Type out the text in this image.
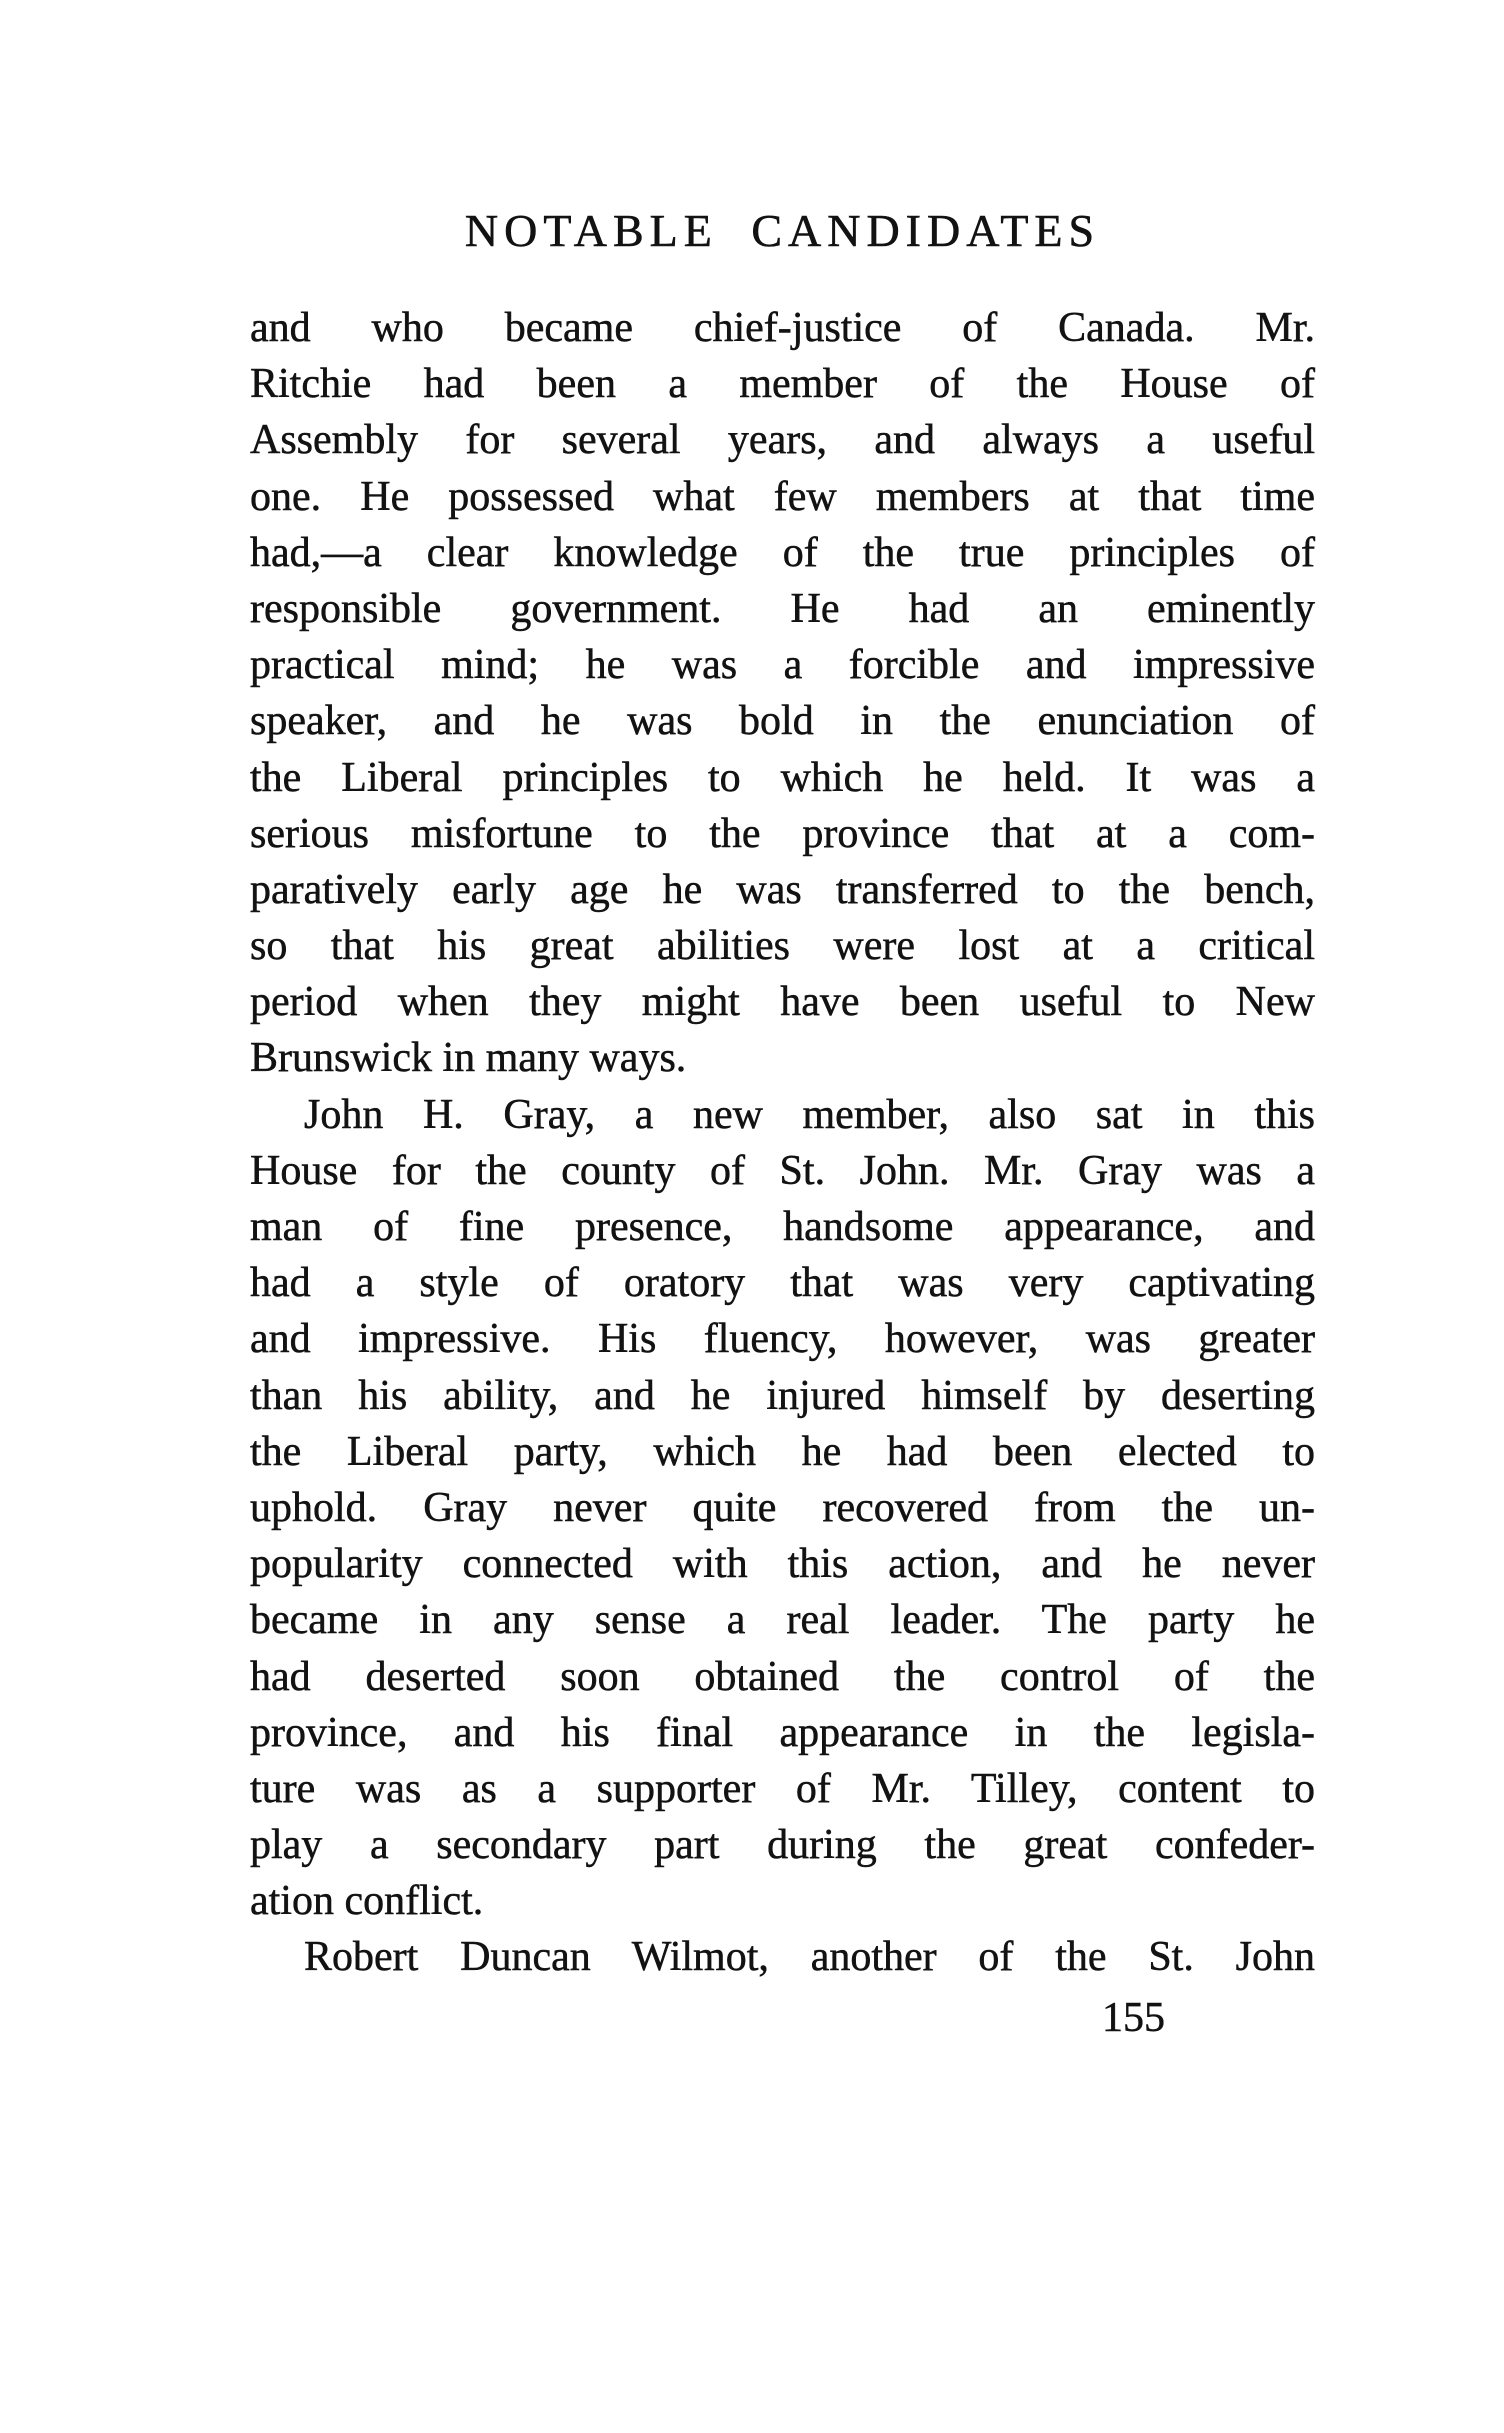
NOTABLE CANDIDATES
and who became chief-justice of Canada. Mr.
Ritchie had been a member of the House of
Assembly for several years, and always a useful
one. He possessed what few members at that time
had,—a clear knowledge of the true principles of
responsible government. He had an eminently
practical mind; he was a forcible and impressive
speaker, and he was bold in the enunciation of
the Liberal principles to which he held. It was a
serious misfortune to the province that at a com-
paratively early age he was transferred to the bench,
so that his great abilities were lost at a critical
period when they might have been useful to New
Brunswick in many ways.
John H. Gray, a new member, also sat in this
House for the county of St. John. Mr. Gray was a
man of fine presence, handsome appearance, and
had a style of oratory that was very captivating
and impressive. His fluency, however, was greater
than his ability, and he injured himself by deserting
the Liberal party, which he had been elected to
uphold. Gray never quite recovered from the un-
popularity connected with this action, and he never
became in any sense a real leader. The party he
had deserted soon obtained the control of the
province, and his final appearance in the legisla-
ture was as a supporter of Mr. Tilley, content to
play a secondary part during the great confeder-
ation conflict.
Robert Duncan Wilmot, another of the St. John
155
